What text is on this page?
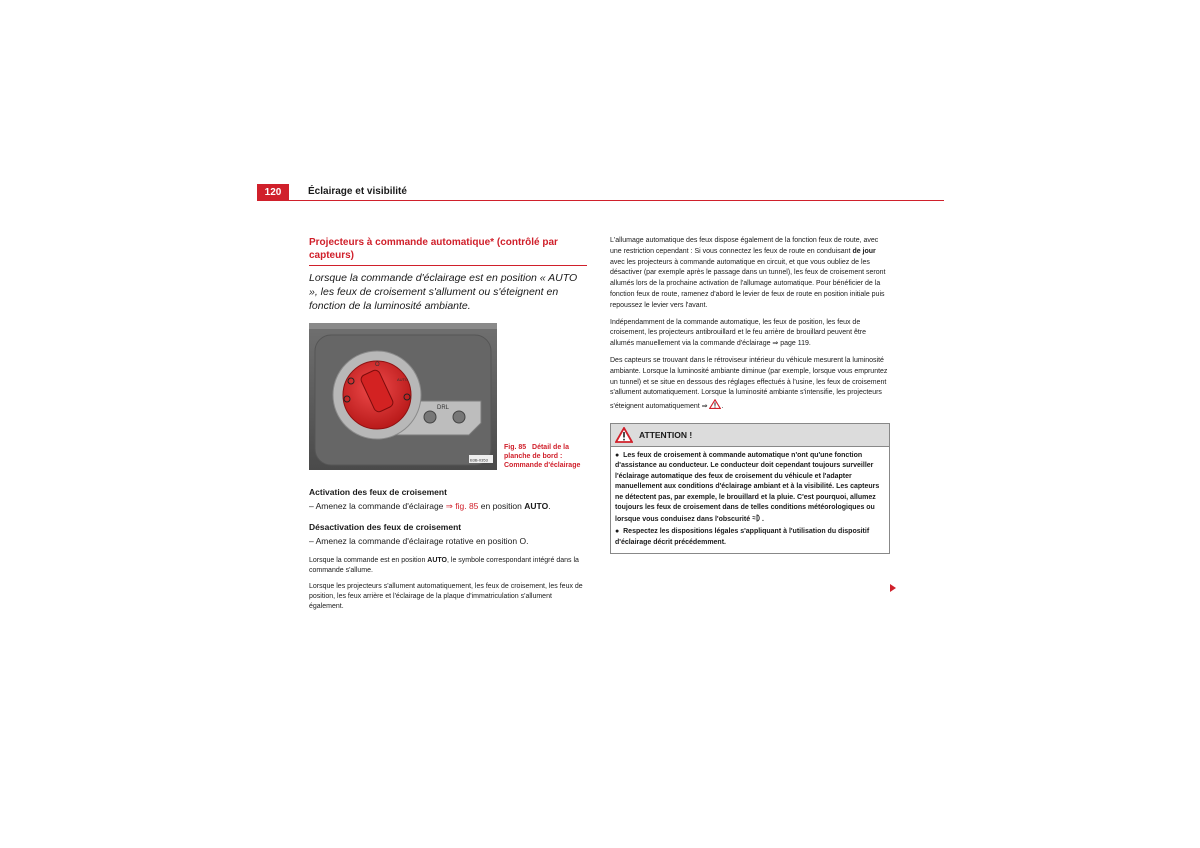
120	Éclairage et visibilité
Projecteurs à commande automatique* (contrôlé par capteurs)

Lorsque la commande d'éclairage est en position « AUTO », les feux de croisement s'allument ou s'éteignent en fonction de la luminosité ambiante.

DRL
O
AUTO
B3B-0353
Fig. 85 Détail de la planche de bord : Commande d'éclairage
Activation des feux de croisement
– Amenez la commande d'éclairage ⇒ fig. 85 en position AUTO.
Désactivation des feux de croisement
– Amenez la commande d'éclairage rotative en position O.

Lorsque la commande est en position AUTO, le symbole correspondant intégré dans la commande s'allume.

Lorsque les projecteurs s'allument automatiquement, les feux de croisement, les feux de position, les feux arrière et l'éclairage de la plaque d'immatriculation s'allument également.

L'allumage automatique des feux dispose également de la fonction feux de route, avec une restriction cependant : Si vous connectez les feux de route en conduisant de jour avec les projecteurs à commande automatique en circuit, et que vous oubliez de les désactiver (par exemple après le passage dans un tunnel), les feux de croisement seront allumés lors de la prochaine activation de l'allumage automatique. Pour bénéficier de la fonction feux de route, ramenez d'abord le levier de feux de route en position initiale puis repoussez le levier vers l'avant.

Indépendamment de la commande automatique, les feux de position, les feux de croisement, les projecteurs antibrouillard et le feu arrière de brouillard peuvent être allumés manuellement via la commande d'éclairage ⇒ page 119.

Des capteurs se trouvant dans le rétroviseur intérieur du véhicule mesurent la luminosité ambiante. Lorsque la luminosité ambiante diminue (par exemple, lorsque vous empruntez un tunnel) et se situe en dessous des réglages effectués à l'usine, les feux de croisement s'allument automatiquement. Lorsque la luminosité ambiante s'intensifie, les projecteurs s'éteignent automatiquement ⇒ .

ATTENTION !

● Les feux de croisement à commande automatique n'ont qu'une fonction d'assistance au conducteur. Le conducteur doit cependant toujours surveiller l'éclairage automatique des feux de croisement du véhicule et l'adapter manuellement aux conditions d'éclairage ambiant et à la visibilité. Les capteurs ne détectent pas, par exemple, le brouillard et la pluie. C'est pourquoi, allumez toujours les feux de croisement dans de telles conditions météorologiques ou lorsque vous conduisez dans l'obscurité .

● Respectez les dispositions légales s'appliquant à l'utilisation du dispositif d'éclairage décrit précédemment.
